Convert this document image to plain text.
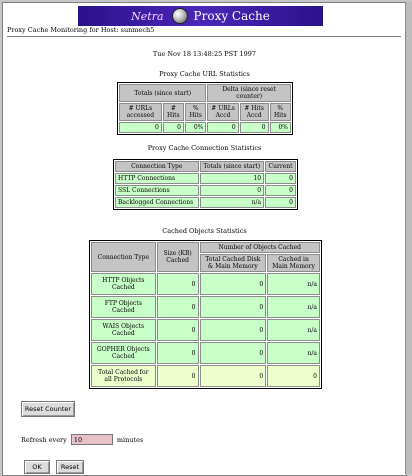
Netra	Proxy Cache
Proxy Cache Monitoring for Host: sunmech5
Tue Nov 18 13:48:25 PST 1997
Proxy Cache URL Statistics
Totals (since start)			Delta (since reset counter)		
# URLs accessed	# Hits	% Hits	# URLs Accd	# Hits Accd	% Hits
0	0	0%	0	0	0%
Proxy Cache Connection Statistics
Connection Type	Totals (since start)	Current
HTTP Connections	10	0
SSL Connections	0	0
Backlogged Connections	n/a	0
Cached Objects Statistics
Connection Type	Size (KB) Cached	Number of Objects Cached	
		Total Cached Disk & Main Memory	Cached in Main Memory
HTTP Objects Cached	0	0	n/a
FTP Objects Cached	0	0	n/a
WAIS Objects Cached	0	0	n/a
GOPHER Objects Cached	0	0	n/a
Total Cached for all Protocols	0	0	0
Reset Counter
Refresh every
10	minutes
OK	Reset
